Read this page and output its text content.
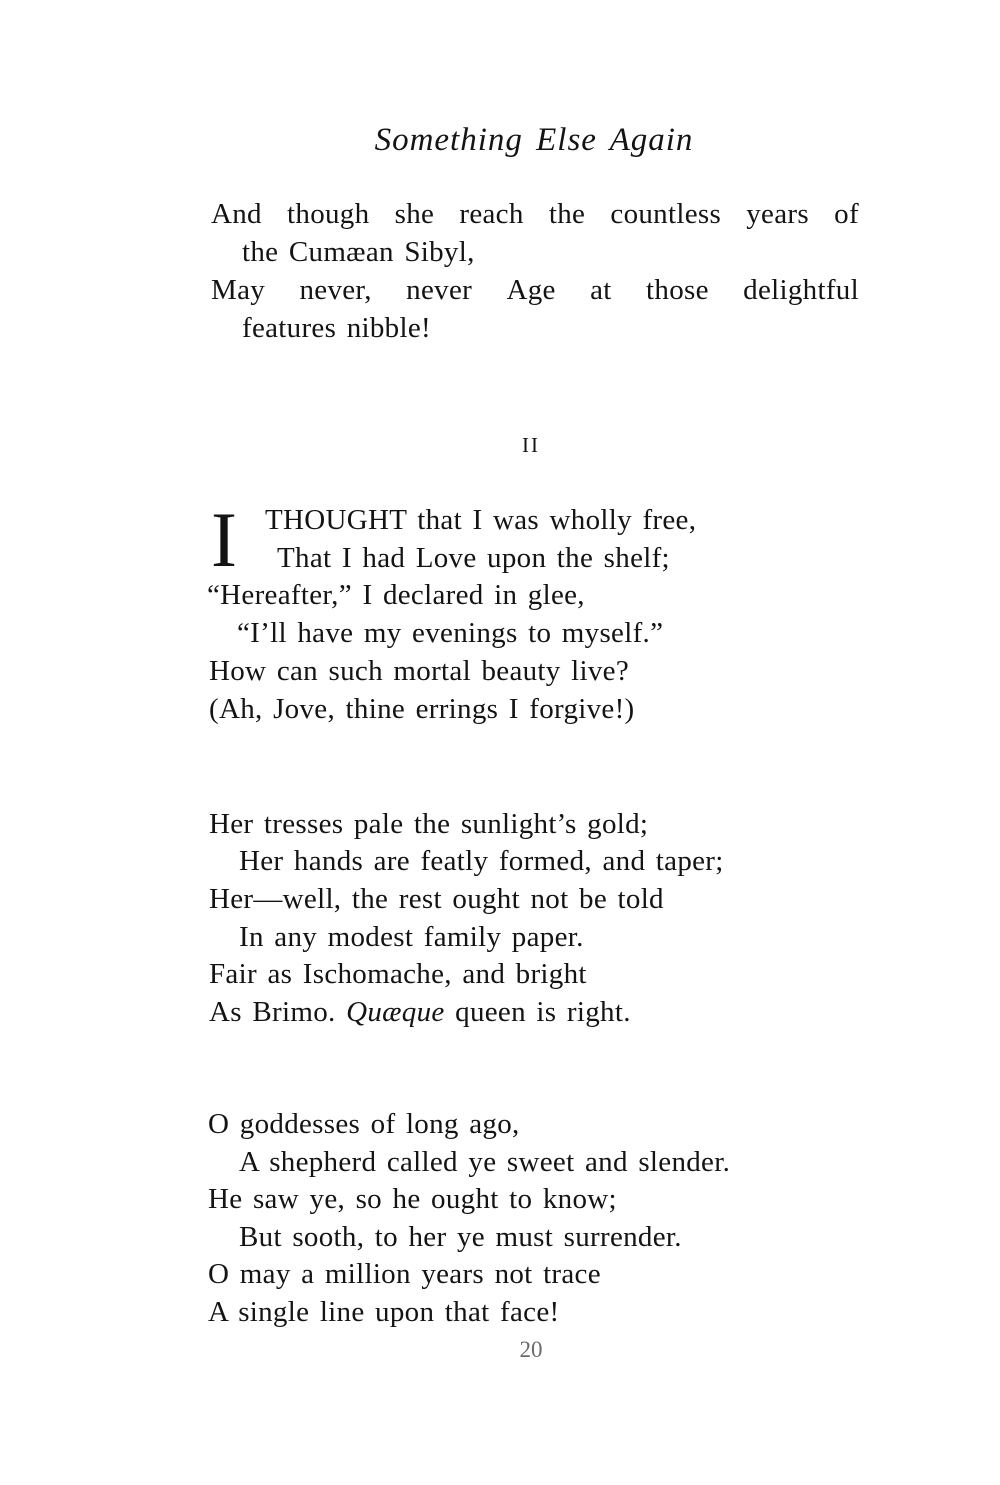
Something Else Again
And though she reach the countless years of
the Cumæan Sibyl,
May never, never Age at those delightful
features nibble!
II
I THOUGHT that I was wholly free,
That I had Love upon the shelf;
“Hereafter,” I declared in glee,
“I’ll have my evenings to myself.”
How can such mortal beauty live?
(Ah, Jove, thine errings I forgive!)
Her tresses pale the sunlight’s gold;
Her hands are featly formed, and taper;
Her—well, the rest ought not be told
In any modest family paper.
Fair as Ischomache, and bright
As Brimo. Quæque queen is right.
O goddesses of long ago,
A shepherd called ye sweet and slender.
He saw ye, so he ought to know;
But sooth, to her ye must surrender.
O may a million years not trace
A single line upon that face!
20
